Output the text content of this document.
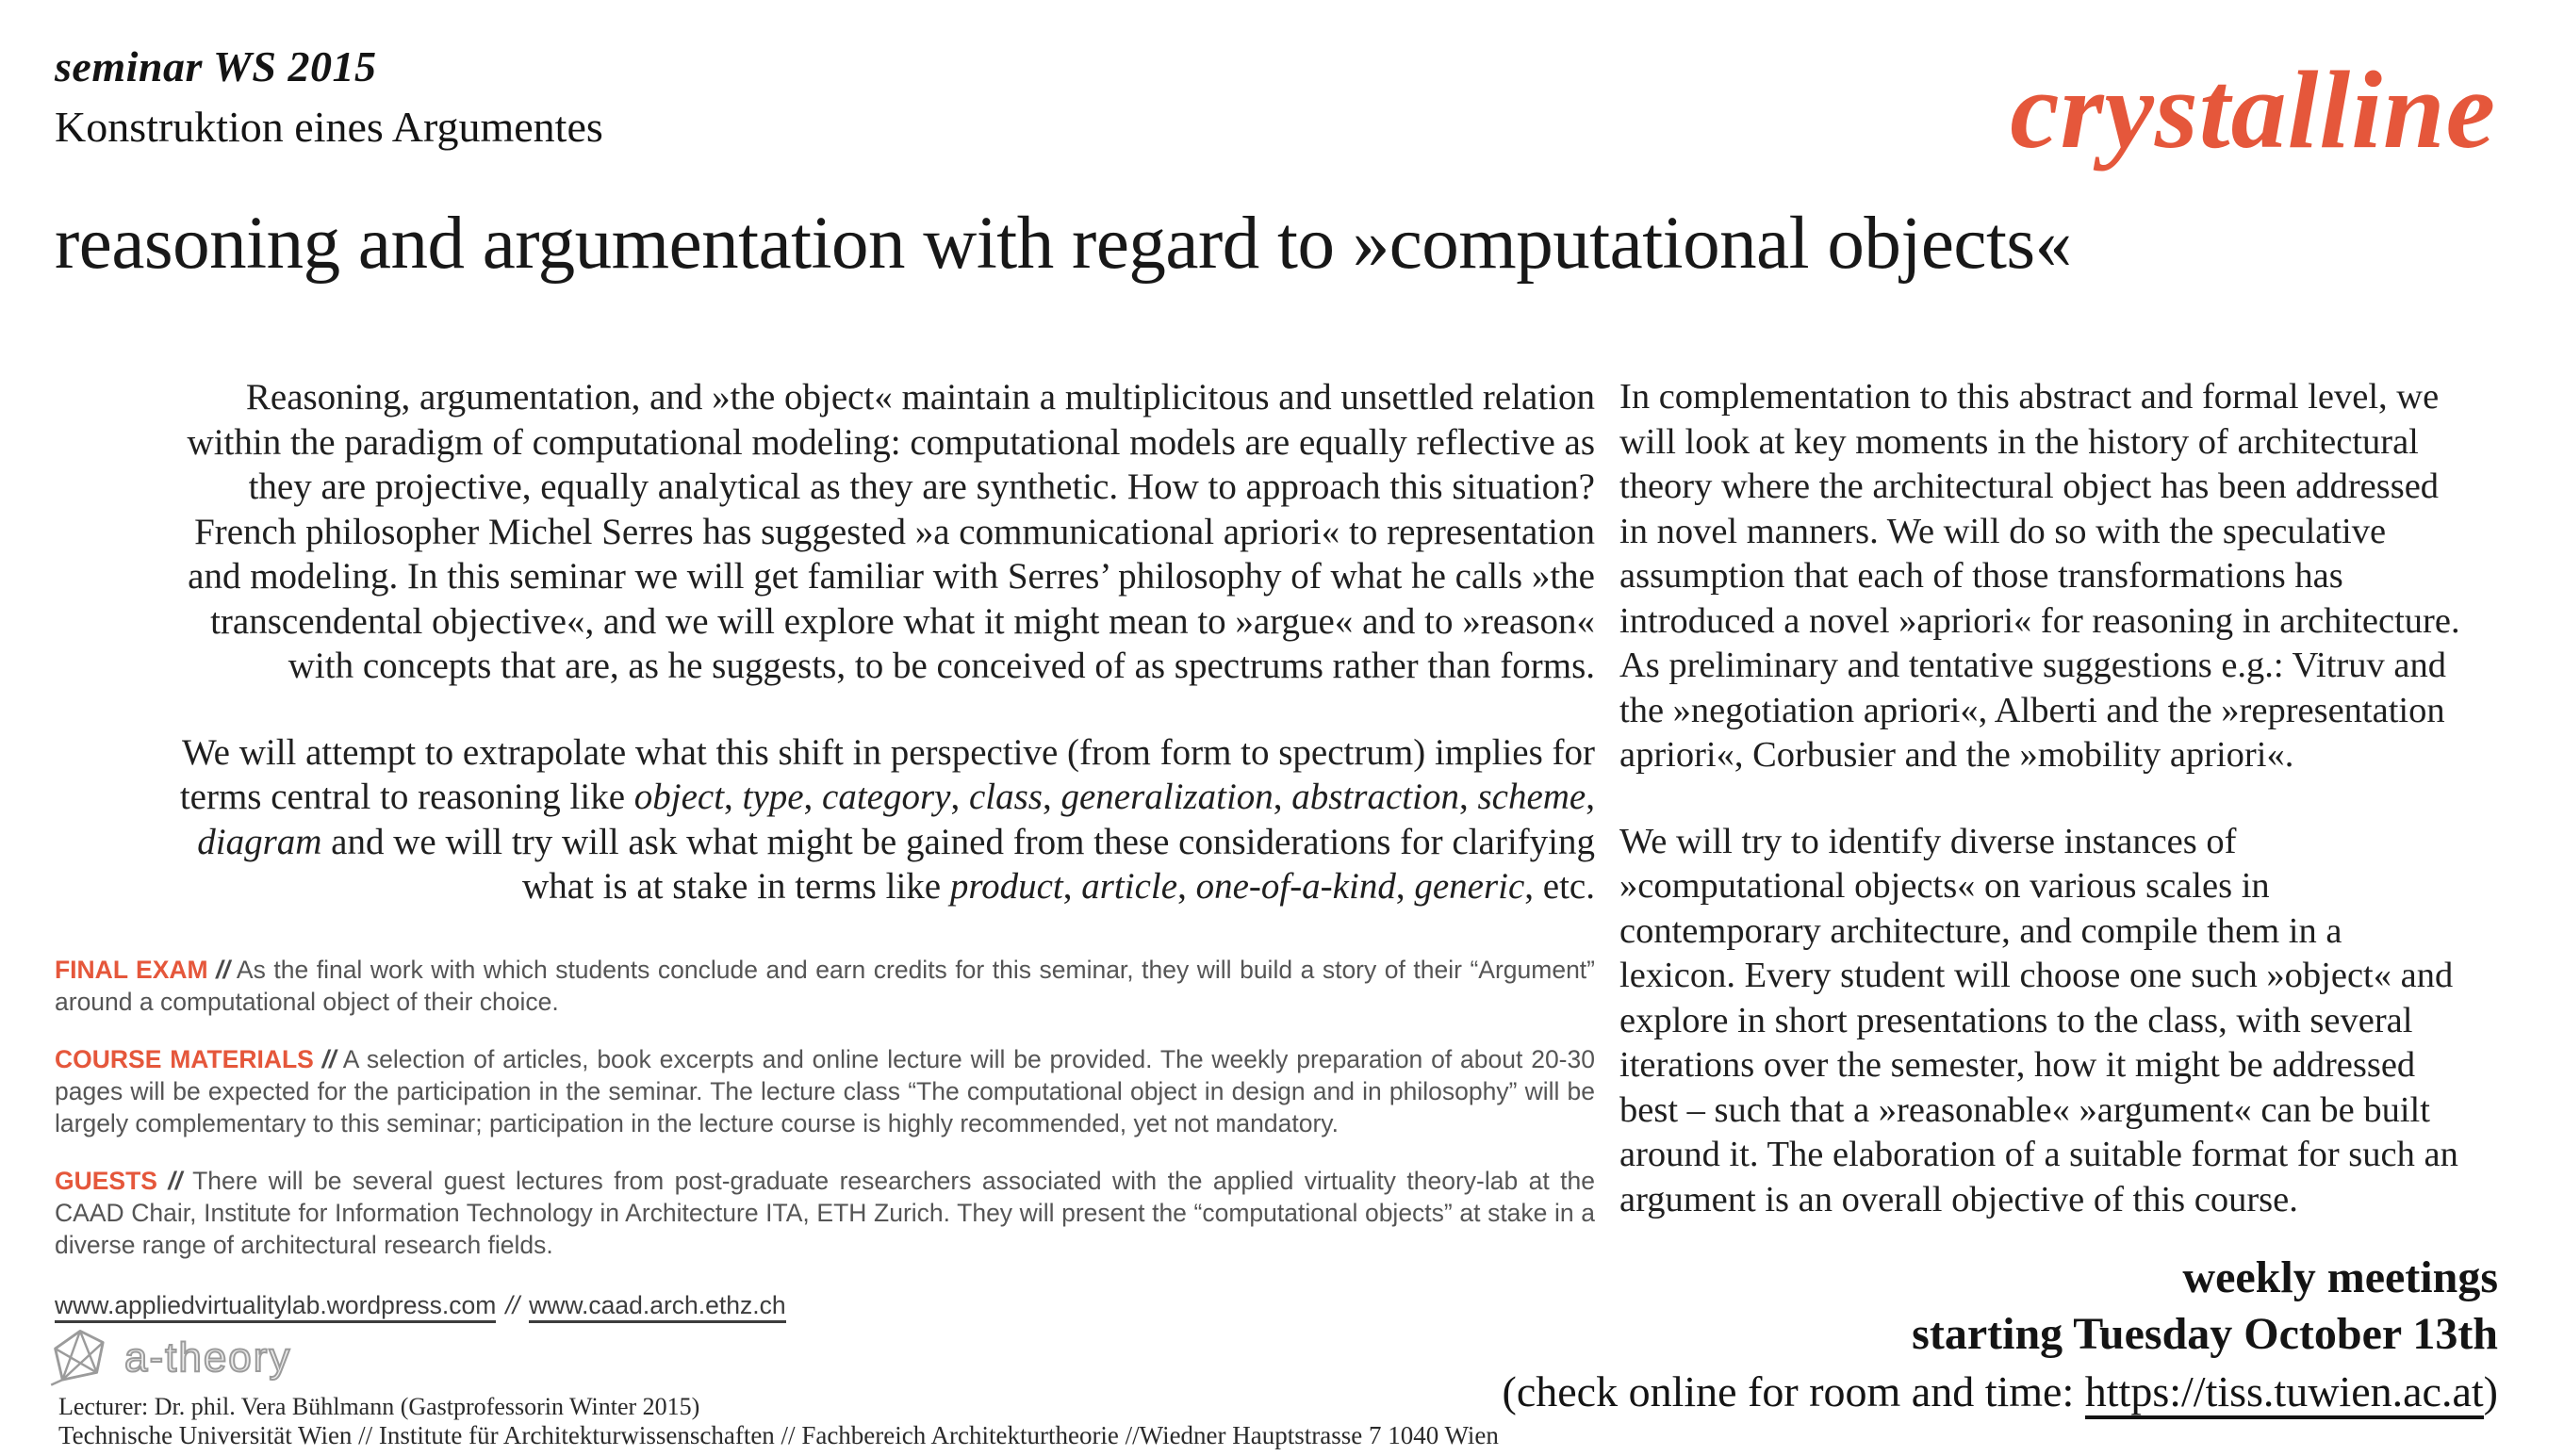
seminar WS 2015
Konstruktion eines Argumentes	crystalline
reasoning and argumentation with regard to »computational objects«
Reasoning, argumentation, and »the object« maintain a multiplicitous and unsettled relation
within the paradigm of computational modeling: computational models are equally reflective as
they are projective, equally analytical as they are synthetic. How to approach this situation?
French philosopher Michel Serres has suggested »a communicational apriori« to representation
and modeling. In this seminar we will get familiar with Serres’ philosophy of what he calls »the
transcendental objective«, and we will explore what it might mean to »argue« and to »reason«
with concepts that are, as he suggests, to be conceived of as spectrums rather than forms.
We will attempt to extrapolate what this shift in perspective (from form to spectrum) implies for
terms central to reasoning like object, type, category, class, generalization, abstraction, scheme,
diagram and we will try will ask what might be gained from these considerations for clarifying
what is at stake in terms like product, article, one-of-a-kind, generic, etc.

FINAL EXAM // As the final work with which students conclude and earn credits for this seminar, they will build a story of their “Argument” around a computational object of their choice.

COURSE MATERIALS // A selection of articles, book excerpts and online lecture will be provided. The weekly preparation of about 20-30 pages will be expected for the participation in the seminar. The lecture class “The computational object in design and in philosophy” will be largely complementary to this seminar; participation in the lecture course is highly recommended, yet not mandatory.

GUESTS // There will be several guest lectures from post-graduate researchers associated with the applied virtuality theory-lab at the CAAD Chair, Institute for Information Technology in Architecture ITA, ETH Zurich. They will present the “computational objects” at stake in a diverse range of architectural research fields.

www.appliedvirtualitylab.wordpress.com // www.caad.arch.ethz.ch
In complementation to this abstract and formal level, we
will look at key moments in the history of architectural
theory where the architectural object has been addressed
in novel manners. We will do so with the speculative
assumption that each of those transformations has
introduced a novel »apriori« for reasoning in architecture.
As preliminary and tentative suggestions e.g.: Vitruv and
the »negotiation apriori«, Alberti and the »representation
apriori«, Corbusier and the »mobility apriori«.
We will try to identify diverse instances of
»computational objects« on various scales in
contemporary architecture, and compile them in a
lexicon. Every student will choose one such »object« and
explore in short presentations to the class, with several
iterations over the semester, how it might be addressed
best – such that a »reasonable« »argument« can be built
around it. The elaboration of a suitable format for such an
argument is an overall objective of this course.
weekly meetings
starting Tuesday October 13th
(check online for room and time: https://tiss.tuwien.ac.at)
a-theory
Lecturer: Dr. phil. Vera Bühlmann (Gastprofessorin Winter 2015)
Technische Universität Wien // Institute für Architekturwissenschaften // Fachbereich Architekturtheorie //Wiedner Hauptstrasse 7 1040 Wien
